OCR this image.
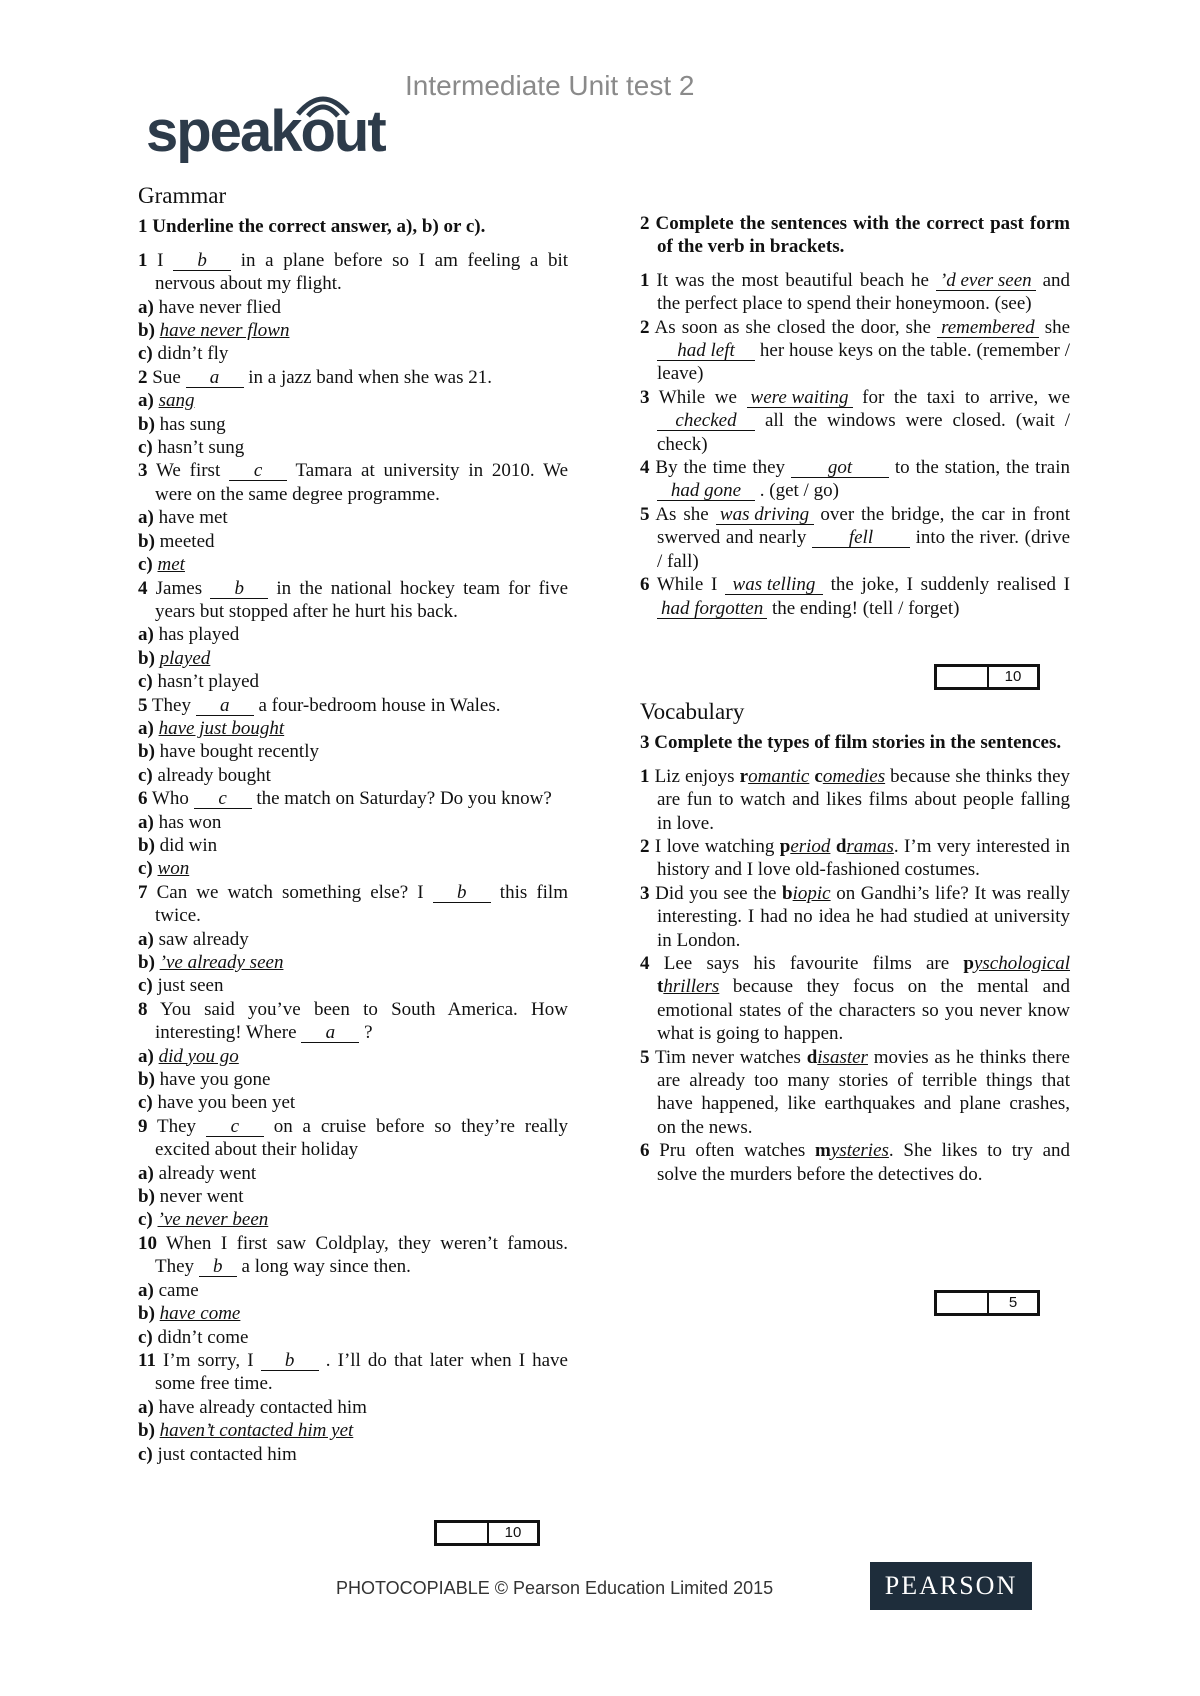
speakout
Intermediate Unit test 2
Grammar

1 Underline the correct answer, a), b) or c).

1 I b in a plane before so I am feeling a bit nervous about my flight.

a) have never flied

b) have never flown

c) didn’t fly

2 Sue a in a jazz band when she was 21.

a) sang

b) has sung

c) hasn’t sung

3 We first c Tamara at university in 2010. We were on the same degree programme.

a) have met

b) meeted

c) met

4 James b in the national hockey team for five years but stopped after he hurt his back.

a) has played

b) played

c) hasn’t played

5 They a a four-bedroom house in Wales.

a) have just bought

b) have bought recently

c) already bought

6 Who c the match on Saturday? Do you know?

a) has won

b) did win

c) won

7 Can we watch something else? I b this film twice.

a) saw already

b) ’ve already seen

c) just seen

8 You said you’ve been to South America. How interesting! Where a ?

a) did you go

b) have you gone

c) have you been yet

9 They c on a cruise before so they’re really excited about their holiday

a) already went

b) never went

c) ’ve never been

10 When I first saw Coldplay, they weren’t famous. They b a long way since then.

a) came

b) have come

c) didn’t come

11 I’m sorry, I b . I’ll do that later when I have some free time.

a) have already contacted him

b) haven’t contacted him yet

c) just contacted him

10

2 Complete the sentences with the correct past form of the verb in brackets.

1 It was the most beautiful beach he ’d ever seen and the perfect place to spend their honeymoon. (see)

2 As soon as she closed the door, she remembered she had left her house keys on the table. (remember / leave)

3 While we were waiting for the taxi to arrive, we checked all the windows were closed. (wait / check)

4 By the time they got to the station, the train had gone . (get / go)

5 As she was driving over the bridge, the car in front swerved and nearly fell into the river. (drive / fall)

6 While I was telling the joke, I suddenly realised I had forgotten the ending! (tell / forget)

Vocabulary

3 Complete the types of film stories in the sentences.

1 Liz enjoys romantic comedies because she thinks they are fun to watch and likes films about people falling in love.

2 I love watching period dramas. I’m very interested in history and I love old-fashioned costumes.

3 Did you see the biopic on Gandhi’s life? It was really interesting. I had no idea he had studied at university in London.

4 Lee says his favourite films are pyschological thrillers because they focus on the mental and emotional states of the characters so you never know what is going to happen.

5 Tim never watches disaster movies as he thinks there are already too many stories of terrible things that have happened, like earthquakes and plane crashes, on the news.

6 Pru often watches mysteries. She likes to try and solve the murders before the detectives do.

10
5
PHOTOCOPIABLE © Pearson Education Limited 2015	PEARSON
